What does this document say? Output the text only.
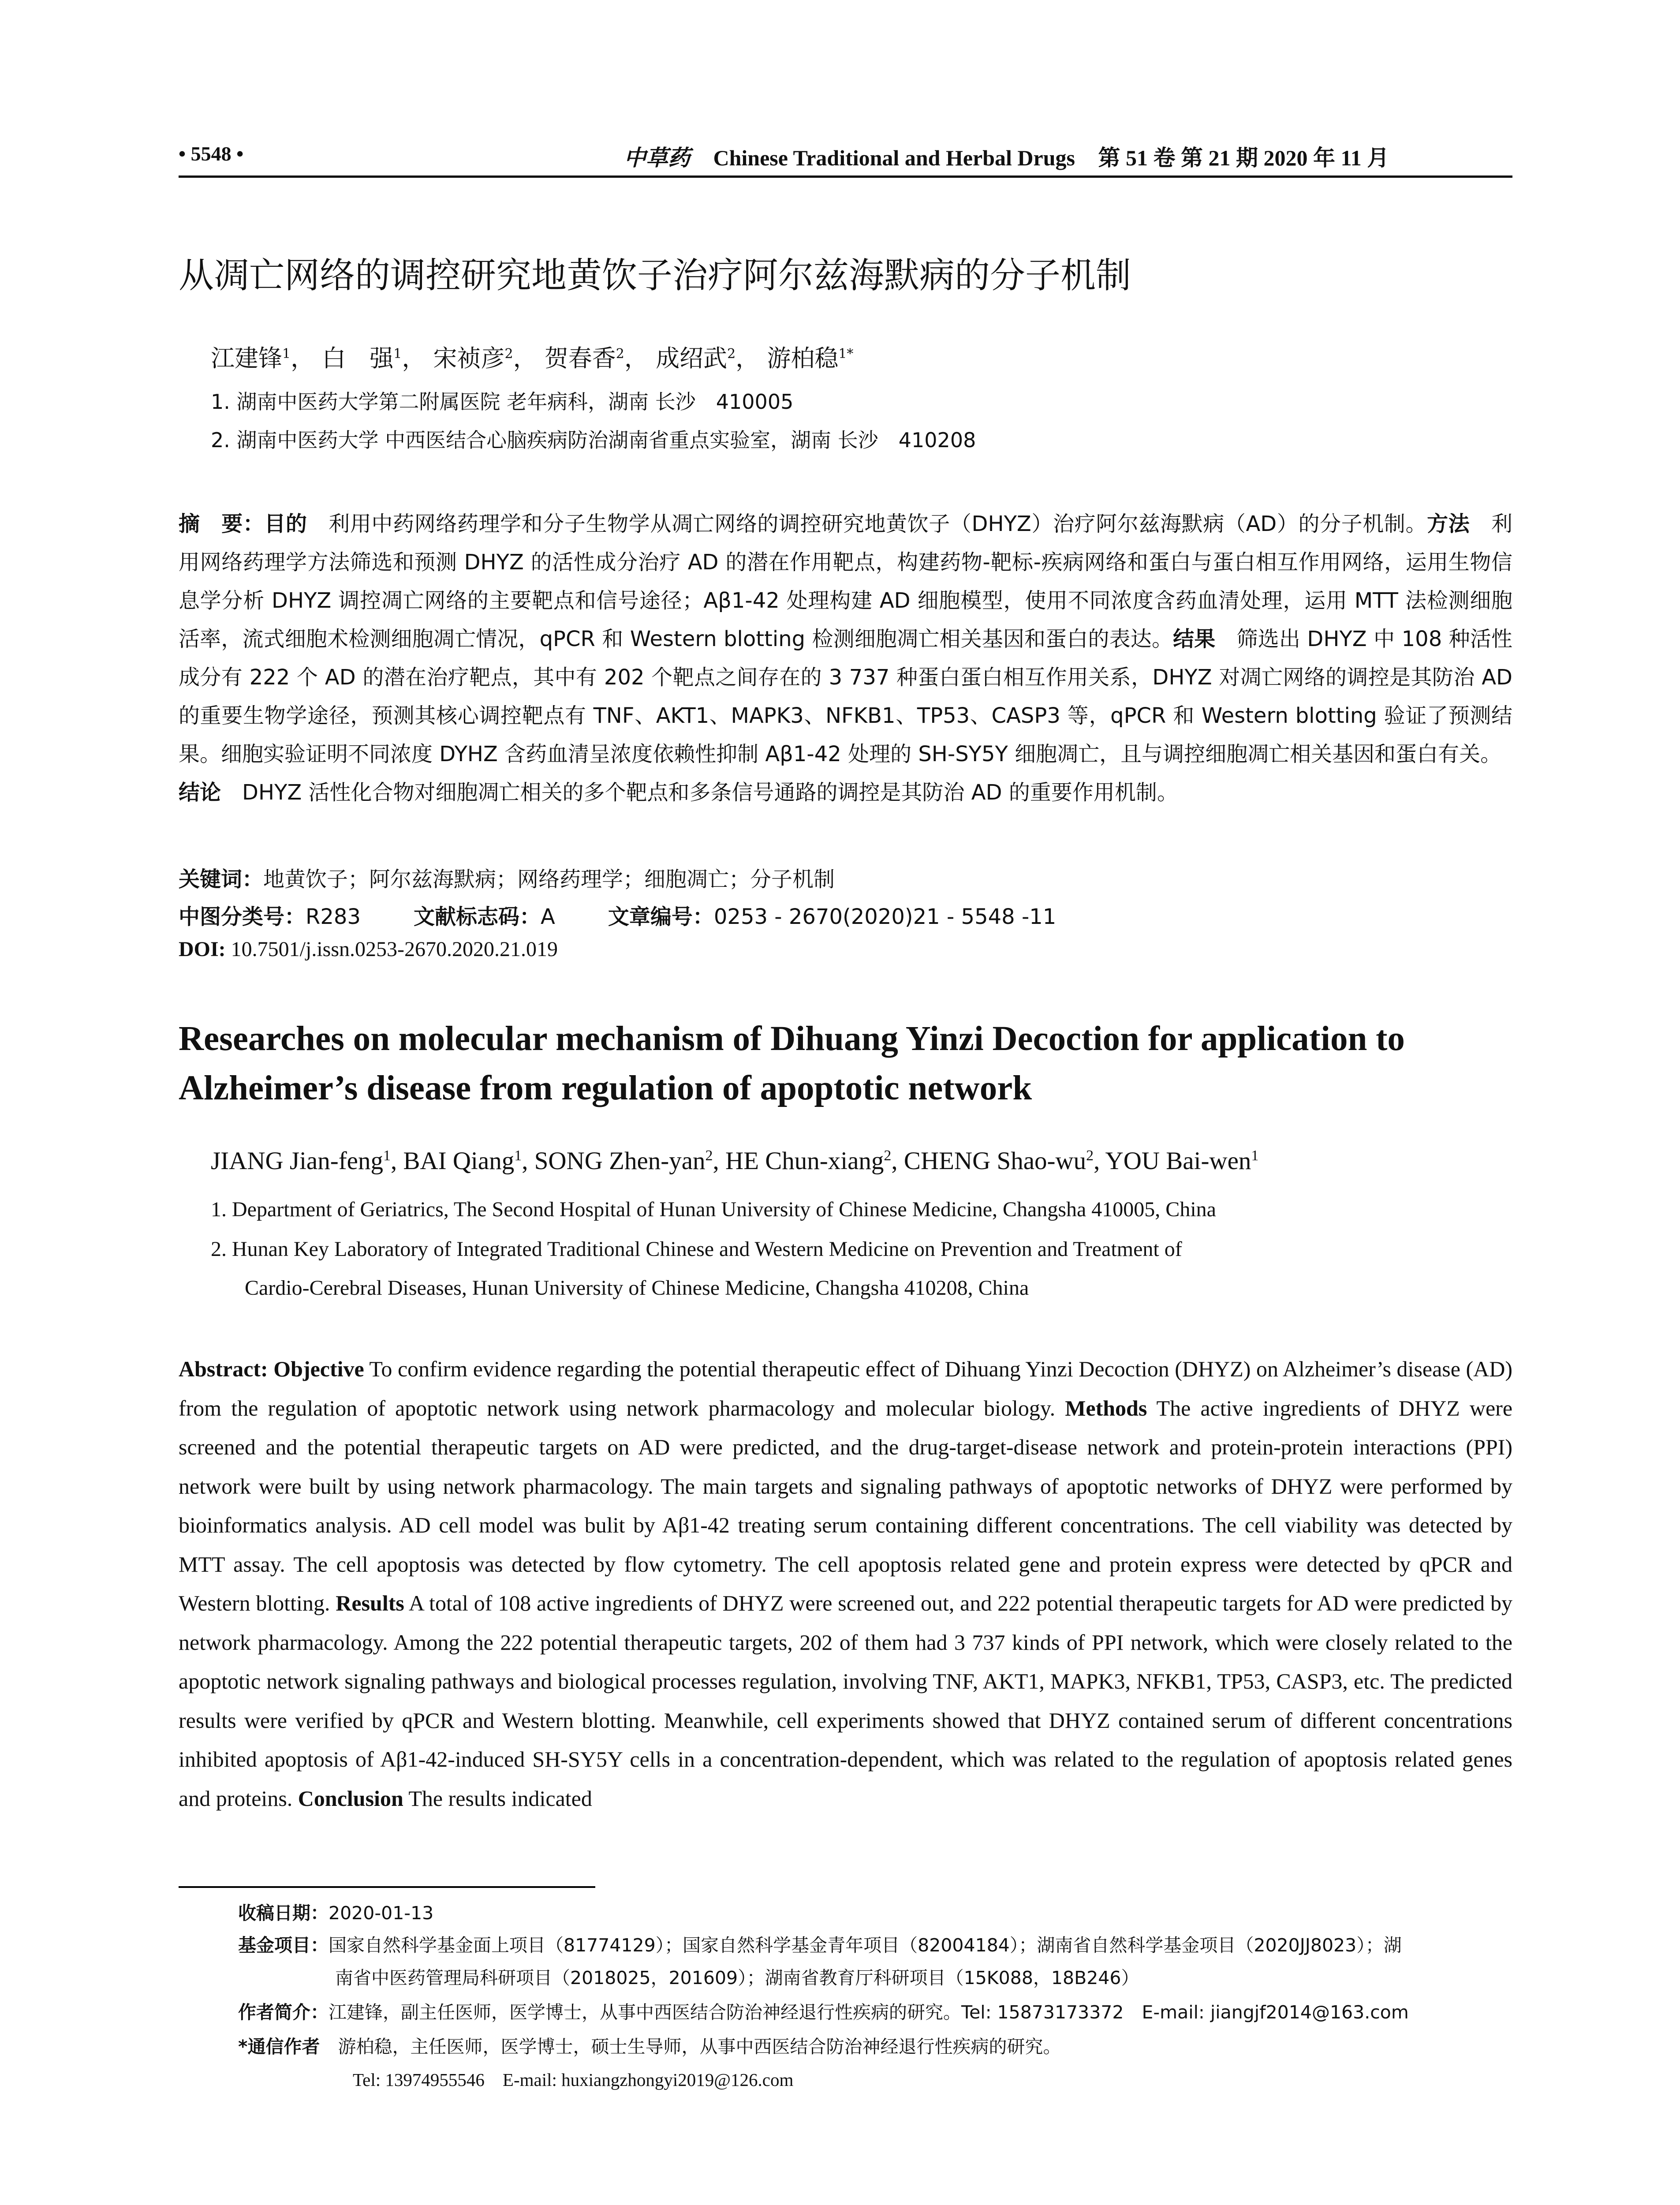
• 5548 •	中草药 Chinese Traditional and Herbal Drugs 第 51 卷 第 21 期 2020 年 11 月
从凋亡网络的调控研究地黄饮子治疗阿尔兹海默病的分子机制
江建锋$^1$， 白　强$^1$， 宋祯彦$^2$， 贺春香$^2$， 成绍武$^2$， 游柏稳$^{1*}$
1. 湖南中医药大学第二附属医院 老年病科，湖南 长沙　410005
2. 湖南中医药大学 中西医结合心脑疾病防治湖南省重点实验室，湖南 长沙　410208
摘　要：目的　利用中药网络药理学和分子生物学从凋亡网络的调控研究地黄饮子（DHYZ）治疗阿尔兹海默病（AD）的分子机制。方法　利用网络药理学方法筛选和预测 DHYZ 的活性成分治疗 AD 的潜在作用靶点，构建药物-靶标-疾病网络和蛋白与蛋白相互作用网络，运用生物信息学分析 DHYZ 调控凋亡网络的主要靶点和信号途径；Aβ1-42 处理构建 AD 细胞模型，使用不同浓度含药血清处理，运用 MTT 法检测细胞活率，流式细胞术检测细胞凋亡情况，qPCR 和 Western blotting 检测细胞凋亡相关基因和蛋白的表达。结果　筛选出 DHYZ 中 108 种活性成分有 222 个 AD 的潜在治疗靶点，其中有 202 个靶点之间存在的 3 737 种蛋白蛋白相互作用关系，DHYZ 对凋亡网络的调控是其防治 AD 的重要生物学途径，预测其核心调控靶点有 TNF、AKT1、MAPK3、NFKB1、TP53、CASP3 等，qPCR 和 Western blotting 验证了预测结果。细胞实验证明不同浓度 DYHZ 含药血清呈浓度依赖性抑制 Aβ1-42 处理的 SH-SY5Y 细胞凋亡，且与调控细胞凋亡相关基因和蛋白有关。
结论　DHYZ 活性化合物对细胞凋亡相关的多个靶点和多条信号通路的调控是其防治 AD 的重要作用机制。
关键词：地黄饮子；阿尔兹海默病；网络药理学；细胞凋亡；分子机制
中图分类号：R283	文献标志码：A	文章编号：0253 - 2670(2020)21 - 5548 -11
DOI: 10.7501/j.issn.0253-2670.2020.21.019
Researches on molecular mechanism of Dihuang Yinzi Decoction for application to Alzheimer’s disease from regulation of apoptotic network
JIANG Jian-feng$^1$, BAI Qiang$^1$, SONG Zhen-yan$^2$, HE Chun-xiang$^2$, CHENG Shao-$wu^2$, YOU Bai-wen$^1$
1. Department of Geriatrics, The Second Hospital of Hunan University of Chinese Medicine, Changsha 410005, China
2. Hunan Key Laboratory of Integrated Traditional Chinese and Western Medicine on Prevention and Treatment of
Cardio-Cerebral Diseases, Hunan University of Chinese Medicine, Changsha 410208, China
Abstract: Objective To confirm evidence regarding the potential therapeutic effect of Dihuang Yinzi Decoction (DHYZ) on Alzheimer’s disease (AD) from the regulation of apoptotic network using network pharmacology and molecular biology. Methods The active ingredients of DHYZ were screened and the potential therapeutic targets on AD were predicted, and the drug-target-disease network and protein-protein interactions (PPI) network were built by using network pharmacology. The main targets and signaling pathways of apoptotic networks of DHYZ were performed by bioinformatics analysis. AD cell model was bulit by Aβ1-42 treating serum containing different concentrations. The cell viability was detected by MTT assay. The cell apoptosis was detected by flow cytometry. The cell apoptosis related gene and protein express were detected by qPCR and Western blotting. Results A total of 108 active ingredients of DHYZ were screened out, and 222 potential therapeutic targets for AD were predicted by network pharmacology. Among the 222 potential therapeutic targets, 202 of them had 3 737 kinds of PPI network, which were closely related to the apoptotic network signaling pathways and biological processes regulation, involving TNF, AKT1, MAPK3, NFKB1, TP53, CASP3, etc. The predicted results were verified by qPCR and Western blotting. Meanwhile, cell experiments showed that DHYZ contained serum of different concentrations inhibited apoptosis of Aβ1-42-induced SH-SY5Y cells in a concentration-dependent, which was related to the regulation of apoptosis related genes and proteins. Conclusion The results indicated
收稿日期：2020-01-13
基金项目：国家自然科学基金面上项目（81774129）；国家自然科学基金青年项目（82004184）；湖南省自然科学基金项目（2020JJ8023）；湖
南省中医药管理局科研项目（2018025，201609）；湖南省教育厅科研项目（15K088，18B246）
作者简介：江建锋，副主任医师，医学博士，从事中西医结合防治神经退行性疾病的研究。Tel: 15873173372　E-mail: jiangjf2014@163.com
*通信作者　游柏稳，主任医师，医学博士，硕士生导师，从事中西医结合防治神经退行性疾病的研究。
Tel: 13974955546　E-mail: huxiangzhongyi2019@126.com
